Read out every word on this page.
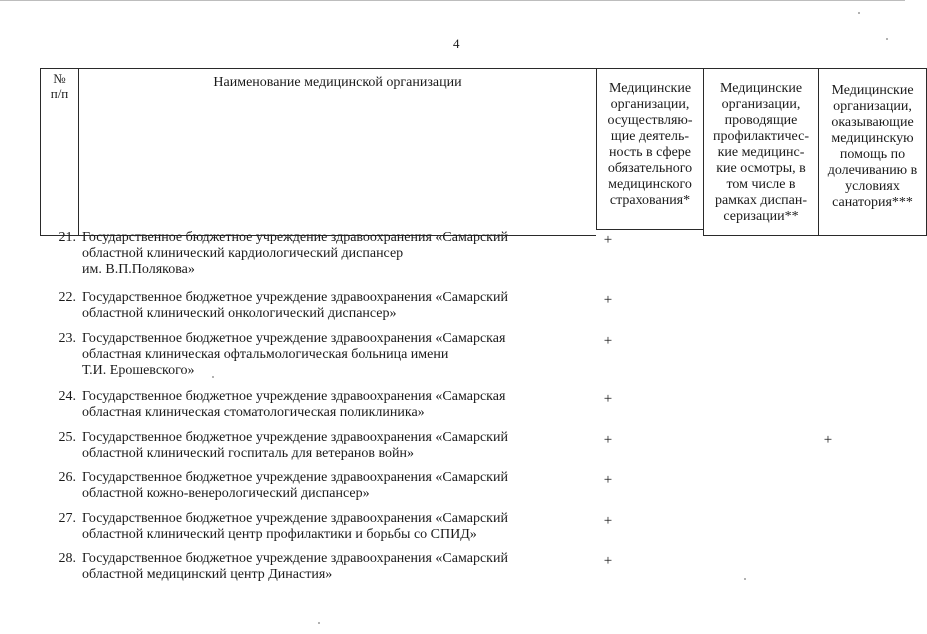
4
№
п/п
Наименование медицинской организации	Медицинские
организации,
осуществляю-
щие деятель-
ность в сфере
обязательного
медицинского
страхования*
Медицинские
организации,
проводящие
профилактичес-
кие медицинс-
кие осмотры, в
том числе в
рамках диспан-
серизации**
Медицинские
организации,
оказывающие
медицинскую
помощь по
долечиванию в
условиях
санатория***
21. Государственное бюджетное учреждение здравоохранения «Самарский
областной клинический кардиологический диспансер
им. В.П.Полякова»
+
22. Государственное бюджетное учреждение здравоохранения «Самарский
областной клинический онкологический диспансер»
+
23. Государственное бюджетное учреждение здравоохранения «Самарская
областная клиническая офтальмологическая больница имени
Т.И. Ерошевского»
+
24. Государственное бюджетное учреждение здравоохранения «Самарская
областная клиническая стоматологическая поликлиника»
+
25. Государственное бюджетное учреждение здравоохранения «Самарский
областной клинический госпиталь для ветеранов войн»
+	+
26. Государственное бюджетное учреждение здравоохранения «Самарский
областной кожно-венерологический диспансер»
+
27. Государственное бюджетное учреждение здравоохранения «Самарский
областной клинический центр профилактики и борьбы со СПИД»
+
28. Государственное бюджетное учреждение здравоохранения «Самарский
областной медицинский центр Династия»
+
